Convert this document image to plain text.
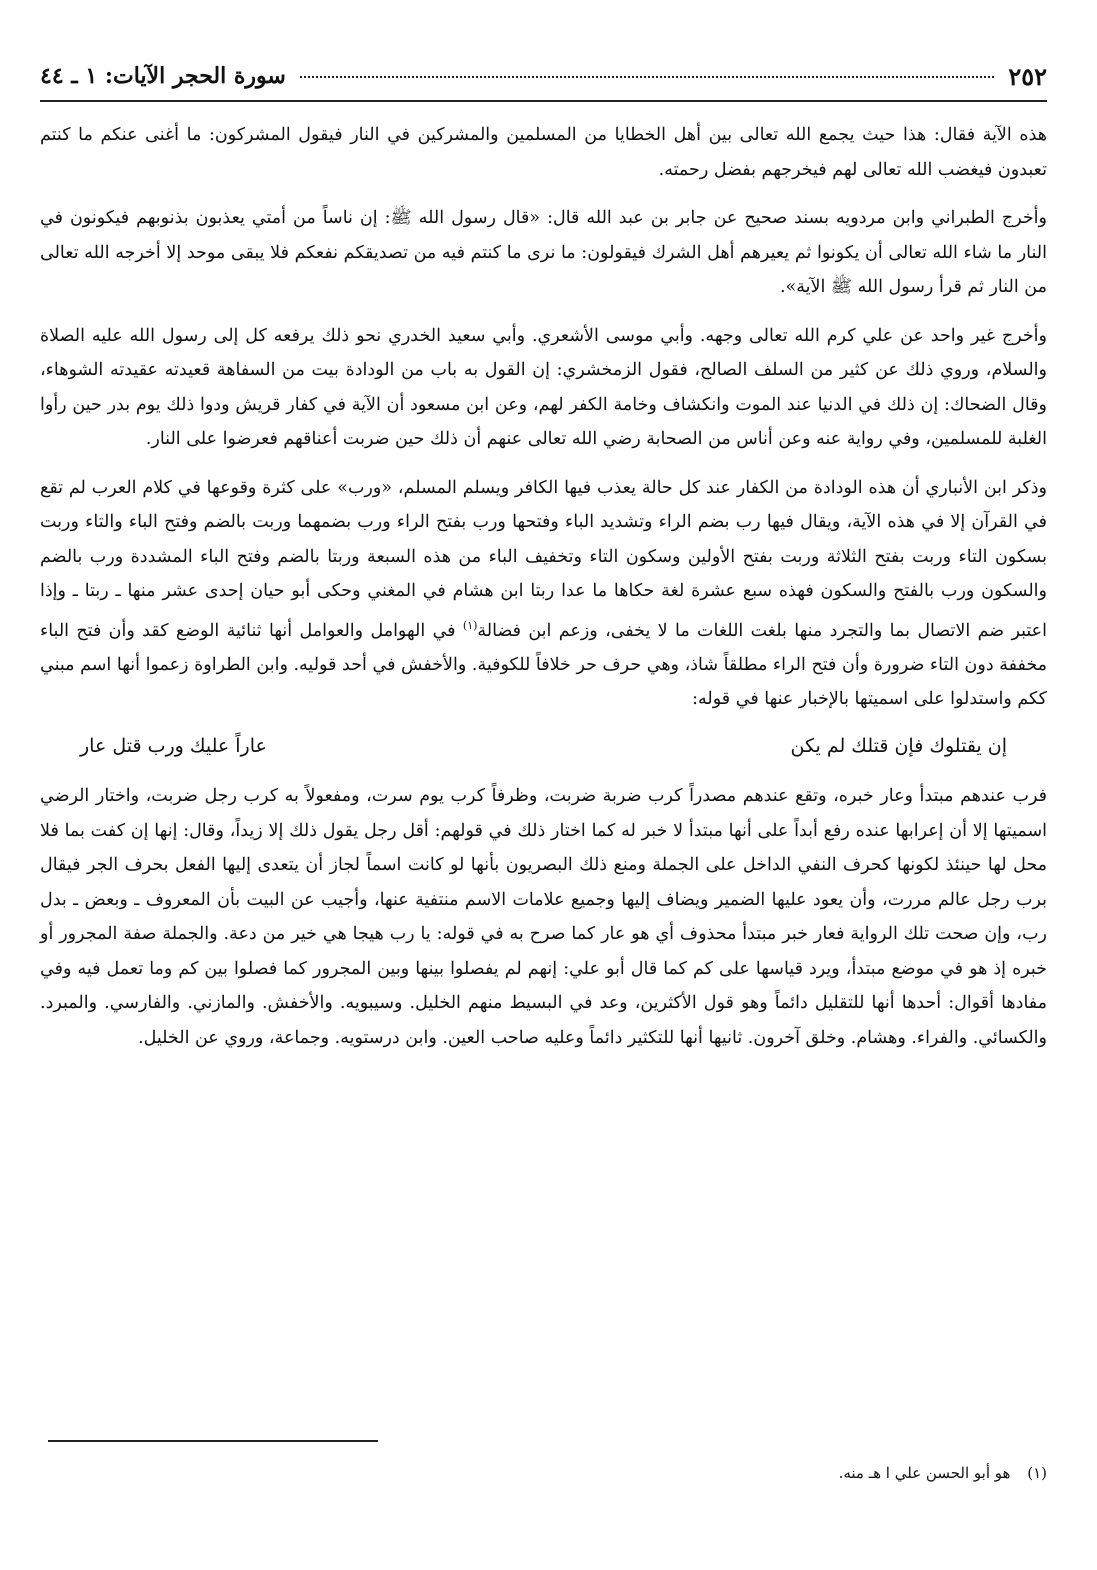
٢٥٢
سورة الحجر الآيات: ١ ـ ٤٤

هذه الآية فقال: هذا حيث يجمع الله تعالى بين أهل الخطايا من المسلمين والمشركين في النار فيقول المشركون: ما أغنى عنكم ما كنتم تعبدون فيغضب الله تعالى لهم فيخرجهم بفضل رحمته.

وأخرج الطبراني وابن مردويه بسند صحيح عن جابر بن عبد الله قال: «قال رسول الله ﷺ: إن ناساً من أمتي يعذبون بذنوبهم فيكونون في النار ما شاء الله تعالى أن يكونوا ثم يعيرهم أهل الشرك فيقولون: ما نرى ما كنتم فيه من تصديقكم نفعكم فلا يبقى موحد إلا أخرجه الله تعالى من النار ثم قرأ رسول الله ﷺ الآية».

وأخرج غير واحد عن علي كرم الله تعالى وجهه. وأبي موسى الأشعري. وأبي سعيد الخدري نحو ذلك يرفعه كل إلى رسول الله عليه الصلاة والسلام، وروي ذلك عن كثير من السلف الصالح، فقول الزمخشري: إن القول به باب من الودادة بيت من السفاهة قعيدته عقيدته الشوهاء، وقال الضحاك: إن ذلك في الدنيا عند الموت وانكشاف وخامة الكفر لهم، وعن ابن مسعود أن الآية في كفار قريش ودوا ذلك يوم بدر حين رأوا الغلبة للمسلمين، وفي رواية عنه وعن أناس من الصحابة رضي الله تعالى عنهم أن ذلك حين ضربت أعناقهم فعرضوا على النار.

وذكر ابن الأنباري أن هذه الودادة من الكفار عند كل حالة يعذب فيها الكافر ويسلم المسلم، «ورب» على كثرة وقوعها في كلام العرب لم تقع في القرآن إلا في هذه الآية، ويقال فيها رب بضم الراء وتشديد الباء وفتحها ورب بفتح الراء ورب بضمهما وربت بالضم وفتح الباء والتاء وربت بسكون التاء وربت بفتح الثلاثة وربت بفتح الأولين وسكون التاء وتخفيف الباء من هذه السبعة وربتا بالضم وفتح الباء المشددة ورب بالضم والسكون ورب بالفتح والسكون فهذه سبع عشرة لغة حكاها ما عدا ربتا ابن هشام في المغني وحكى أبو حيان إحدى عشر منها ـ ربتا ـ وإذا اعتبر ضم الاتصال بما والتجرد منها بلغت اللغات ما لا يخفى، وزعم ابن فضالة$^{(١)}$ في الهوامل والعوامل أنها ثنائية الوضع كقد وأن فتح الباء مخففة دون التاء ضرورة وأن فتح الراء مطلقاً شاذ، وهي حرف حر خلافاً للكوفية. والأخفش في أحد قوليه. وابن الطراوة زعموا أنها اسم مبني ككم واستدلوا على اسميتها بالإخبار عنها في قوله:

إن يقتلوك فإن قتلك لم يكن
عاراً عليك ورب قتل عار

فرب عندهم مبتدأ وعار خبره، وتقع عندهم مصدراً كرب ضربة ضربت، وظرفاً كرب يوم سرت، ومفعولاً به كرب رجل ضربت، واختار الرضي اسميتها إلا أن إعرابها عنده رفع أبداً على أنها مبتدأ لا خبر له كما اختار ذلك في قولهم: أقل رجل يقول ذلك إلا زيداً، وقال: إنها إن كفت بما فلا محل لها حينئذ لكونها كحرف النفي الداخل على الجملة ومنع ذلك البصريون بأنها لو كانت اسماً لجاز أن يتعدى إليها الفعل بحرف الجر فيقال برب رجل عالم مررت، وأن يعود عليها الضمير ويضاف إليها وجميع علامات الاسم منتفية عنها، وأجيب عن البيت بأن المعروف ـ وبعض ـ بدل رب، وإن صحت تلك الرواية فعار خبر مبتدأ محذوف أي هو عار كما صرح به في قوله: يا رب هيجا هي خير من دعة. والجملة صفة المجرور أو خبره إذ هو في موضع مبتدأ، ويرد قياسها على كم كما قال أبو علي: إنهم لم يفصلوا بينها وبين المجرور كما فصلوا بين كم وما تعمل فيه وفي مفادها أقوال: أحدها أنها للتقليل دائماً وهو قول الأكثرين، وعد في البسيط منهم الخليل. وسيبويه. والأخفش. والمازني. والفارسي. والمبرد. والكسائي. والفراء. وهشام. وخلق آخرون. ثانيها أنها للتكثير دائماً وعليه صاحب العين. وابن درستويه. وجماعة، وروي عن الخليل.

(١) هو أبو الحسن علي ا هـ منه.
